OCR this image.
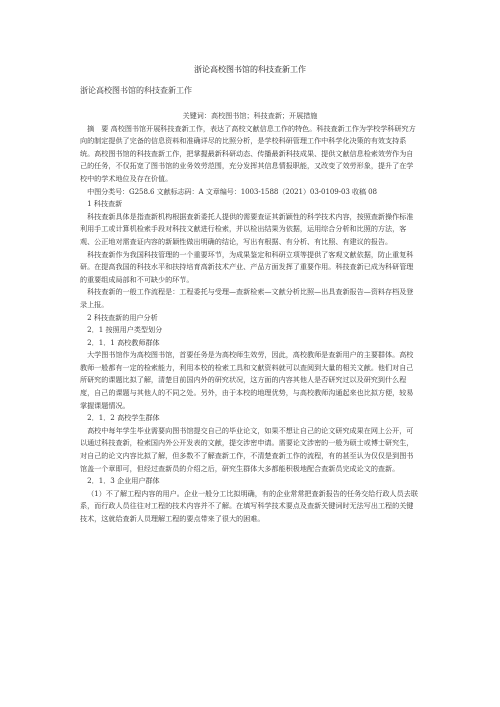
浙论高校图书馆的科技查新工作
浙论高校图书馆的科技查新工作

关键词：高校图书馆；科技查新；开展措施

摘　要 高校图书馆开展科技查新工作，表达了高校文献信息工作的特色。科技查新工作为学校学科研究方向的制定提供了完备的信息资料和准确详尽的比照分析，是学校科研管理工作中科学化决策的有效支持系统。高校图书馆的科技查新工作，把掌握最新科研动态、传播最新科技成果、提供文献信息检索效劳作为自己的任务，不仅拓宽了图书馆的业务效劳范围，充分发挥其信息情报职能，又改变了效劳形象，提升了在学校中的学术地位及存在价值。

中图分类号：G258.6 文献标志码：A 文章编号：1003-1588（2021）03-0109-03 收稿 08

1 科技查新

科技查新具体是指查新机构根据查新委托人提供的需要查证其新颖性的科学技术内容，按照查新操作标准利用手工或计算机检索手段对科技文献进行检索，并以检出结果为依据，运用综合分析和比照的方法，客观、公正地对需查证内容的新颖性做出明确的结论，写出有根据、有分析、有比照、有建议的报告。

科技查新作为我国科技管理的一个重要环节，为成果鉴定和科研立项等提供了客观文献依据，防止重复科研。在提高我国的科技水平和扶持培育高新技术产业、产品方面发挥了重要作用。科技查新已成为科研管理的重要组成局部和不可缺少的环节。

科技查新的一般工作流程是：工程委托与受理—查新检索—文献分析比照—出具查新报告—资料存档及登录上报。

2 科技查新的用户分析

2．1 按照用户类型划分

2．1．1 高校教师群体

大学图书馆作为高校图书馆，首要任务是为高校师生效劳，因此，高校教师是查新用户的主要群体。高校教师一般都有一定的检索能力，利用本校的检索工具和文献资料就可以查阅到大量的相关文献。他们对自己所研究的课题比拟了解，清楚目前国内外的研究状况，这方面的内容其他人是否研究过以及研究到什么程度，自己的课题与其他人的不同之处。另外，由于本校的地理优势，与高校教师沟通起来也比拟方便，较易掌握课题情况。

2．1．2 高校学生群体

高校中每年学生毕业需要向图书馆提交自己的毕业论文，如果不想让自己的论文研究成果在网上公开，可以通过科技查新，检索国内外公开发表的文献，提交涉密申请。需要论文涉密的一般为硕士或博士研究生，对自己的论文内容比拟了解，但多数不了解查新工作，不清楚查新工作的流程，有的甚至认为仅仅是到图书馆盖一个章即可，但经过查新员的介绍之后，研究生群体大多都能积极地配合查新员完成论文的查新。

2．1．3 企业用户群体

（1）不了解工程内容的用户。企业一般分工比拟明确，有的企业常常把查新报告的任务交给行政人员去联系，而行政人员往往对工程的技术内容并不了解。在填写科学技术要点及查新关键词时无法写出工程的关键技术，这就给查新人员理解工程的要点带来了很大的困难。
